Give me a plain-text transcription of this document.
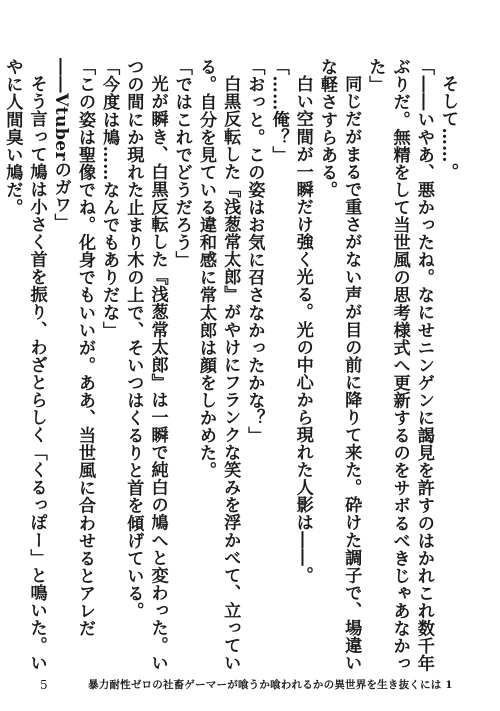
そして……。

「――いやあ、悪かったね。なにせニンゲンに謁見を許すのはかれこれ数千年ぶりだ。無精をして当世風の思考様式へ更新するのをサボるべきじゃあなかった」

同じだがまるで重さがない声が目の前に降りて来た。砕けた調子で、場違いな軽さすらある。

白い空間が一瞬だけ強く光る。光の中心から現れた人影は――。

「……俺？」

「おっと。この姿はお気に召さなかったかな？」

白黒反転した『浅葱常太郎』がやけにフランクな笑みを浮かべて、立っている。自分を見ている違和感に常太郎は顔をしかめた。

「ではこれでどうだろう」

光が瞬き、白黒反転した『浅葱常太郎』は一瞬で純白の鳩へと変わった。いつの間にか現れた止まり木の上で、そいつはくるりと首を傾げている。

「今度は鳩……なんでもありだな」

「この姿は聖像でね。化身でもいいが。ああ、当世風に合わせるとアレだ――Vtuberのガワ」

そう言って鳩は小さく首を振り、わざとらしく「くるっぽー」と鳴いた。いやに人間臭い鳩だ。

5	暴力耐性ゼロの社畜ゲーマーが喰うか喰われるかの異世界を生き抜くには 1
